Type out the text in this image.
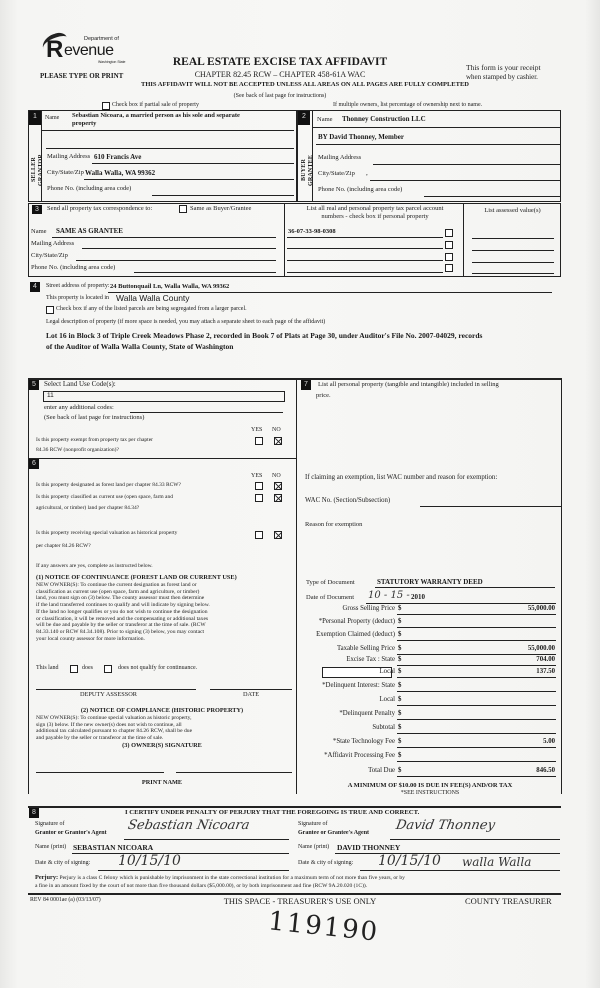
Department of
R evenue
Washington State
PLEASE TYPE OR PRINT
REAL ESTATE EXCISE TAX AFFIDAVIT
CHAPTER 82.45 RCW – CHAPTER 458-61A WAC
This form is your receipt
when stamped by cashier.
THIS AFFIDAVIT WILL NOT BE ACCEPTED UNLESS ALL AREAS ON ALL PAGES ARE FULLY COMPLETED
(See back of last page for instructions)
Check box if partial sale of property	If multiple owners, list percentage of ownership next to name.
1
SELLER GRANTOR
Name Sebastian Nicoara, a married person as his sole and separate
property
Mailing Address 610 Francis Ave
City/State/Zip Walla Walla, WA 99362
Phone No. (including area code)
2
BUYER GRANTEE
Name Thonney Construction LLC
BY David Thonney, Member
Mailing Address
City/State/Zip ,
Phone No. (including area code)
3	Send all property tax correspondence to:	Same as Buyer/Grantee
Name SAME AS GRANTEE
Mailing Address
City/State/Zip
Phone No. (including area code)
List all real and personal property tax parcel account
numbers - check box if personal property
36-07-33-98-0308
List assessed value(s)
4	Street address of property: 24 Buttonquail Ln, Walla Walla, WA 99362
This property is located in Walla Walla County
Check box if any of the listed parcels are being segregated from a larger parcel.
Legal description of property (if more space is needed, you may attach a separate sheet to each page of the affidavit)
Lot 16 in Block 3 of Triple Creek Meadows Phase 2, recorded in Book 7 of Plats at Page 30, under Auditor's File No. 2007-04029, records
of the Auditor of Walla Walla County, State of Washington
5	Select Land Use Code(s):
11
enter any additional codes:
(See back of last page for instructions)
YES NO
Is this property exempt from property tax per chapter
84.36 RCW (nonprofit organization)?
6
YES NO
Is this property designated as forest land per chapter 84.33 RCW?
Is this property classified as current use (open space, farm and
agricultural, or timber) land per chapter 84.34?
Is this property receiving special valuation as historical property
per chapter 84.26 RCW?
If any answers are yes, complete as instructed below.
(1) NOTICE OF CONTINUANCE (FOREST LAND OR CURRENT USE)
NEW OWNER(S): To continue the current designation as forest land or
classification as current use (open space, farm and agriculture, or timber)
land, you must sign on (3) below. The county assessor must then determine
if the land transferred continues to qualify and will indicate by signing below.
If the land no longer qualifies or you do not wish to continue the designation
or classification, it will be removed and the compensating or additional taxes
will be due and payable by the seller or transferor at the time of sale. (RCW
84.33.140 or RCW 84.34.108). Prior to signing (3) below, you may contact
your local county assessor for more information.
This land	does	does not qualify for continuance.
DEPUTY ASSESSOR	DATE
(2) NOTICE OF COMPLIANCE (HISTORIC PROPERTY)
NEW OWNER(S): To continue special valuation as historic property,
sign (3) below. If the new owner(s) does not wish to continue, all
additional tax calculated pursuant to chapter 84.26 RCW, shall be due
and payable by the seller or transferor at the time of sale.
(3) OWNER(S) SIGNATURE
PRINT NAME
7	List all personal property (tangible and intangible) included in selling
price.
If claiming an exemption, list WAC number and reason for exemption:
WAC No. (Section/Subsection)
Reason for exemption
Type of Document	STATUTORY WARRANTY DEED
Date of Document 10 - 15 - 2010
Gross Selling Price $	55,000.00
*Personal Property (deduct) $
Exemption Claimed (deduct) $
Taxable Selling Price $	55,000.00
Excise Tax : State $	704.00
Local $	137.50
*Delinquent Interest: State $
Local $
*Delinquent Penalty $
Subtotal $
*State Technology Fee $	5.00
*Affidavit Processing Fee $
Total Due $	846.50
A MINIMUM OF $10.00 IS DUE IN FEE(S) AND/OR TAX
*SEE INSTRUCTIONS
8	I CERTIFY UNDER PENALTY OF PERJURY THAT THE FOREGOING IS TRUE AND CORRECT.
Signature of
Grantor or Grantor's Agent Sebastian Nicoara
Name (print) SEBASTIAN NICOARA
Date & city of signing: 10/15/10
Signature of
Grantee or Grantee's Agent David Thonney
Name (print) DAVID THONNEY
Date & city of signing: 10/15/10 walla Walla
Perjury: Perjury is a class C felony which is punishable by imprisonment in the state correctional institution for a maximum term of not more than five years, or by
a fine in an amount fixed by the court of not more than five thousand dollars ($5,000.00), or by both imprisonment and fine (RCW 9A.20.020 (1C)).
REV 84 0001ae (a) (03/13/07)	THIS SPACE - TREASURER'S USE ONLY	COUNTY TREASURER
119190
